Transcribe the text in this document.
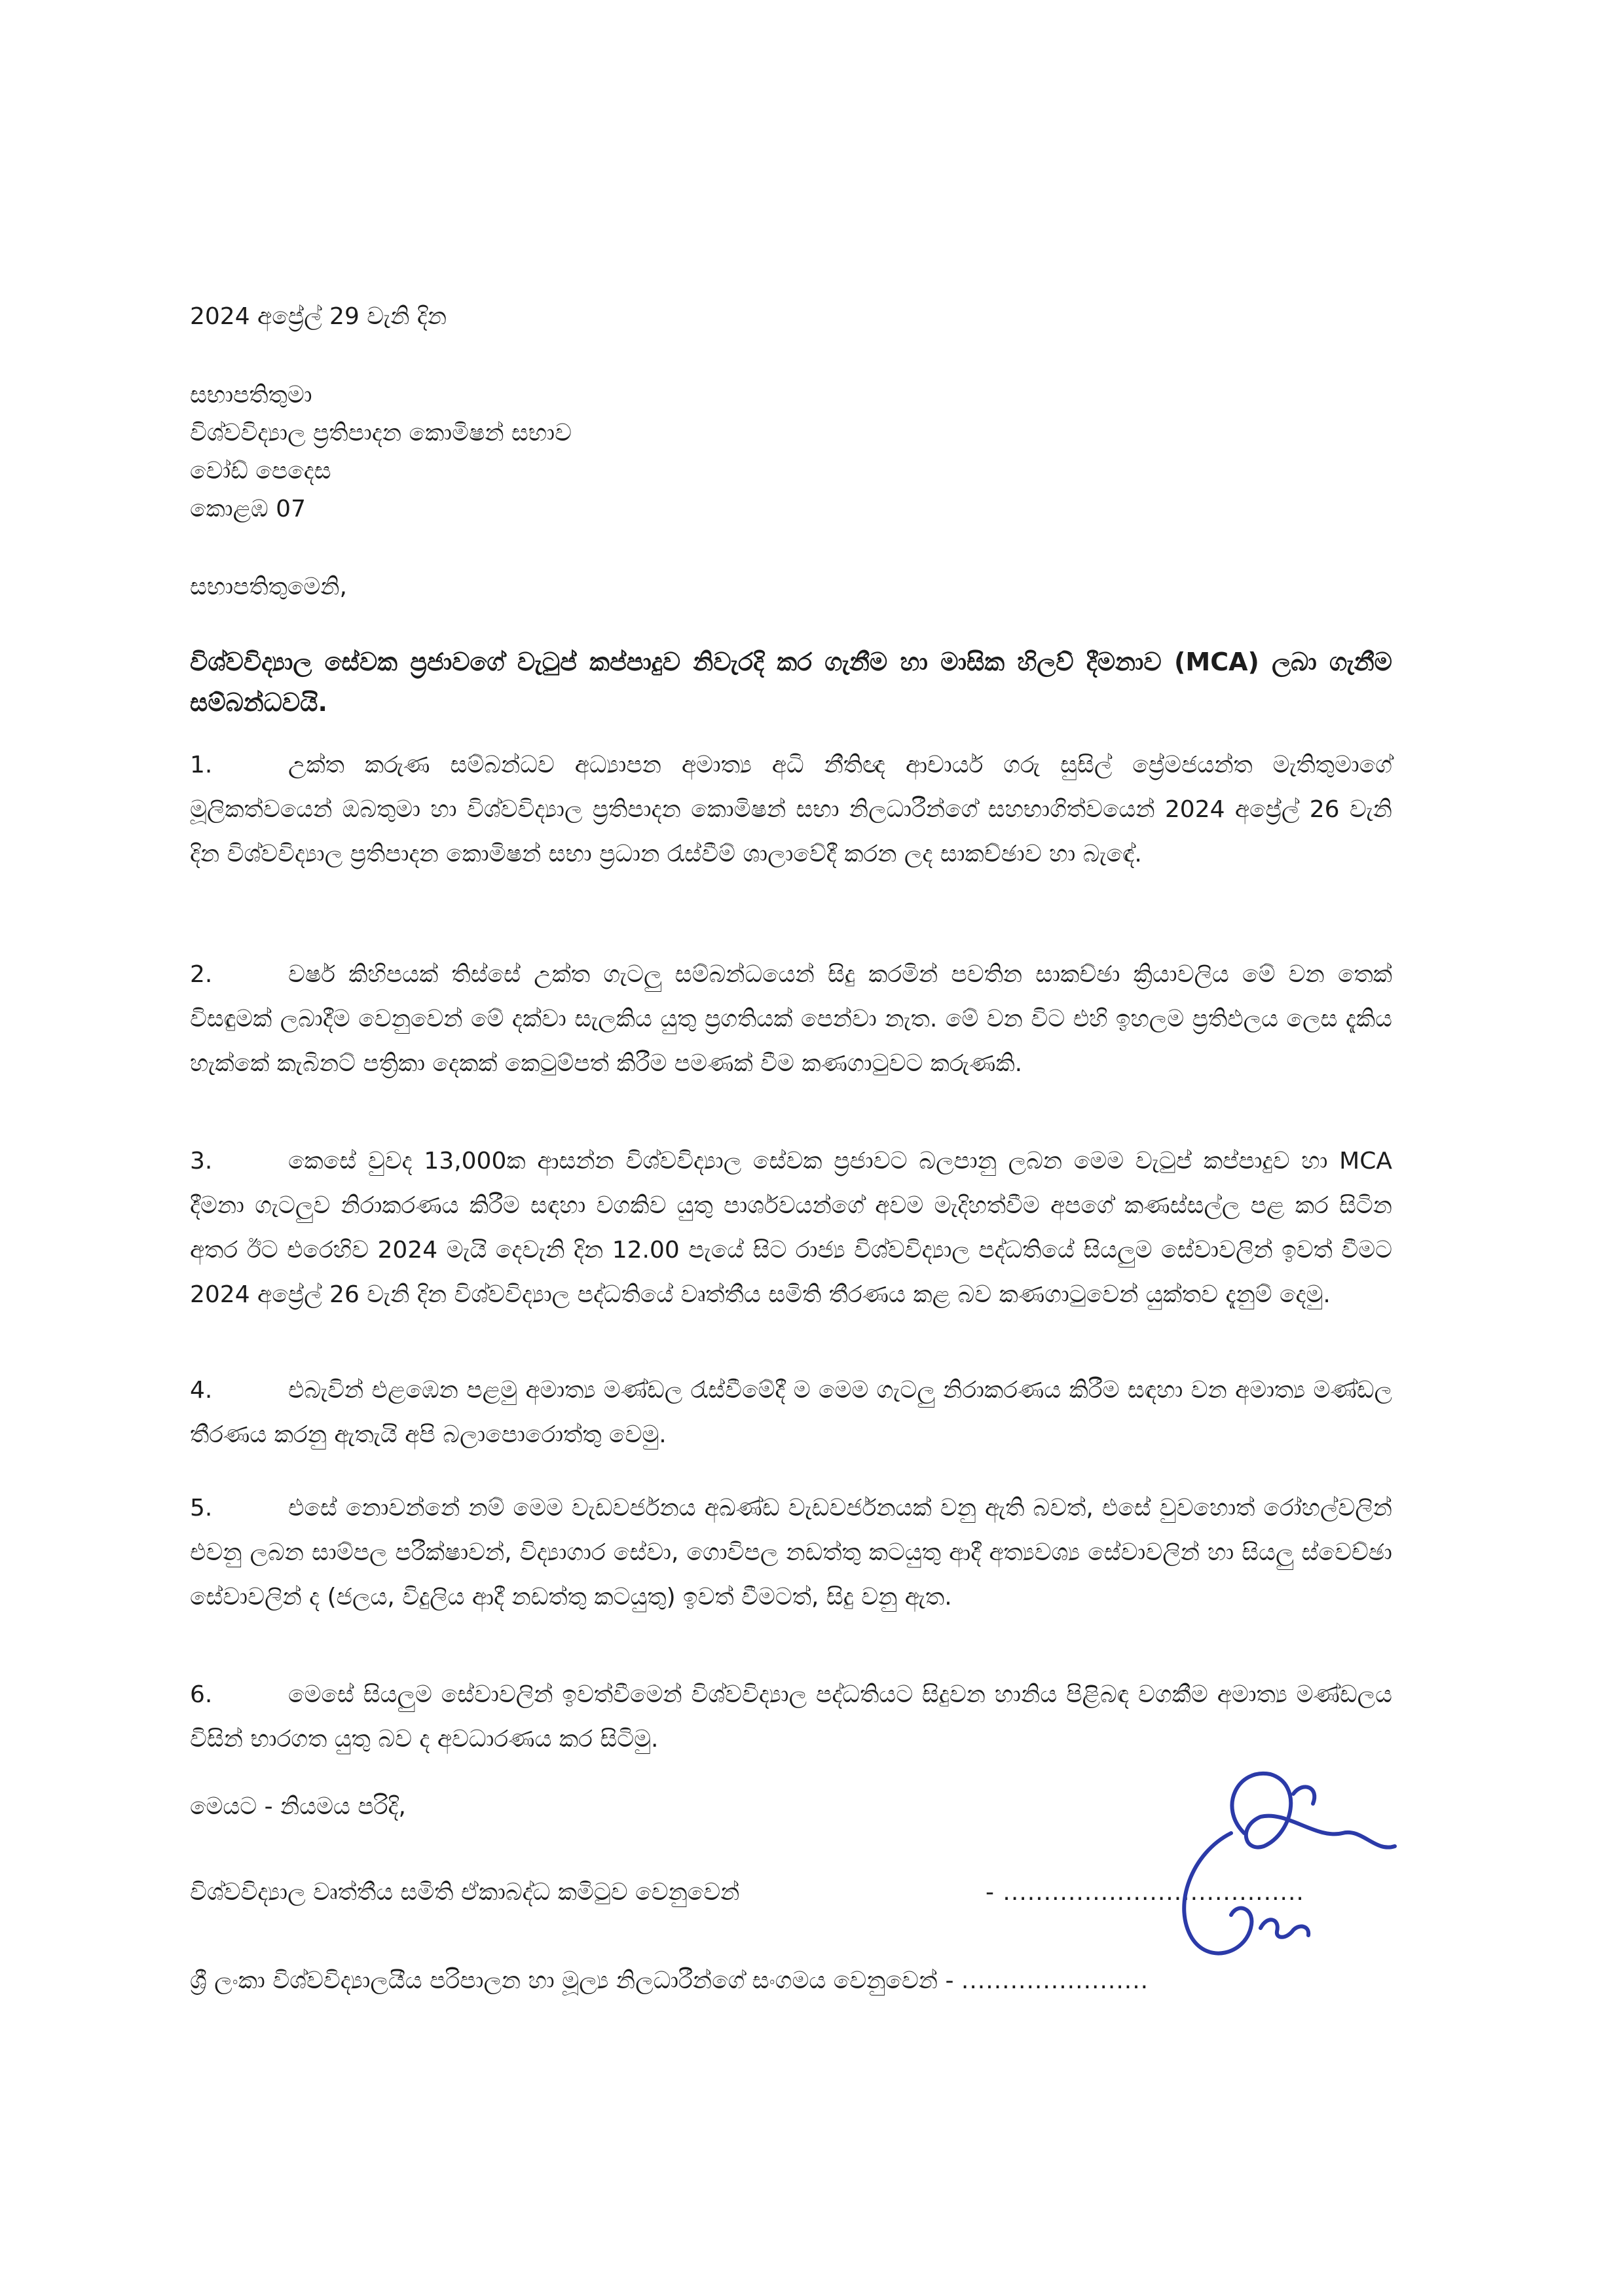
2024 අප්‍රේල් 29 වැනි දින
සභාපතිතුමා
විශ්වවිද්‍යාල ප්‍රතිපාදන කොමිෂන් සභාව
වෝඩ් පෙදෙස
කොළඹ 07
සභාපතිතුමෙනි,
විශ්වවිද්‍යාල සේවක ප්‍රජාවගේ වැටුප් කප්පාදුව නිවැරදි කර ගැනීම හා මාසික හිලව් දීමනාව (MCA) ලබා ගැනීම සම්බන්ධවයි.
1.	උක්ත කරුණ සම්බන්ධව අධ්‍යාපන අමාත්‍ය අධි නීතිඥ ආචාර්ය ගරු සුසිල් ප්‍රේමජයන්ත මැතිතුමාගේ මූලිකත්වයෙන් ඔබතුමා හා විශ්වවිද්‍යාල ප්‍රතිපාදන කොමිෂන් සභා නිලධාරීන්ගේ සහභාගිත්වයෙන් 2024 අප්‍රේල් 26 වැනි දින විශ්වවිද්‍යාල ප්‍රතිපාදන කොමිෂන් සභා ප්‍රධාන රැස්වීම් ශාලාවේදී කරන ලද සාකච්ඡාව හා බැඳේ.
2.	වර්ෂ කිහිපයක් තිස්සේ උක්ත ගැටලු සම්බන්ධයෙන් සිදු කරමින් පවතින සාකච්ඡා ක්‍රියාවලිය මේ වන තෙක් විසඳුමක් ලබාදීම වෙනුවෙන් මේ දක්වා සැලකිය යුතු ප්‍රගතියක් පෙන්වා නැත. මේ වන විට එහි ඉහලම ප්‍රතිඵලය ලෙස දැකිය හැක්කේ කැබිනට් පත්‍රිකා දෙකක් කෙටුම්පත් කිරීම පමණක් වීම කණගාටුවට කරුණකි.
3.	කෙසේ වුවද 13,000ක ආසන්න විශ්වවිද්‍යාල සේවක ප්‍රජාවට බලපානු ලබන මෙම වැටුප් කප්පාදුව හා MCA දීමනා ගැටලුව නිරාකරණය කිරීම සඳහා වගකිව යුතු පාර්ශවයන්ගේ අවම මැදිහත්වීම අපගේ කණස්සල්ල පළ කර සිටින අතර ඊට එරෙහිව 2024 මැයි දෙවැනි දින 12.00 පැයේ සිට රාජ්‍ය විශ්වවිද්‍යාල පද්ධතියේ සියලුම සේවාවලින් ඉවත් වීමට 2024 අප්‍රේල් 26 වැනි දින විශ්වවිද්‍යාල පද්ධතියේ වෘත්තීය සමිති තීරණය කළ බව කණගාටුවෙන් යුක්තව දැනුම් දෙමු.
4.	එබැවින් එළඹෙන පළමු අමාත්‍ය මණ්ඩල රැස්වීමේදී ම මෙම ගැටලු නිරාකරණය කිරීම සඳහා වන අමාත්‍ය මණ්ඩල තීරණය කරනු ඇතැයි අපි බලාපොරොත්තු වෙමු.
5.	එසේ නොවන්නේ නම් මෙම වැඩවර්ජනය අඛණ්ඩ වැඩවර්ජනයක් වනු ඇති බවත්, එසේ වුවහොත් රෝහල්වලින් එවනු ලබන සාම්පල පරීක්ෂාවන්, විද්‍යාගාර සේවා, ගොවිපල නඩත්තු කටයුතු ආදී අත්‍යවශ්‍ය සේවාවලින් හා සියලු ස්වෙච්ඡා සේවාවලින් ද (ජලය, විදුලිය ආදී නඩත්තු කටයුතු) ඉවත් වීමටත්, සිදු වනු ඇත.
6.	මෙසේ සියලුම සේවාවලින් ඉවත්වීමෙන් විශ්වවිද්‍යාල පද්ධතියට සිදුවන හානිය පිළිබඳ වගකීම අමාත්‍ය මණ්ඩලය විසින් භාරගත යුතු බව ද අවධාරණය කර සිටිමු.
මෙයට - නියමය පරිදි,
විශ්වවිද්‍යාල වෘත්තීය සමිති ඒකාබද්ධ කමිටුව වෙනුවෙන්	- .....................................
ශ්‍රී ලංකා විශ්වවිද්‍යාලයීය පරිපාලන හා මූල්‍ය නිලධාරීන්ගේ සංගමය වෙනුවෙන් - .......................
